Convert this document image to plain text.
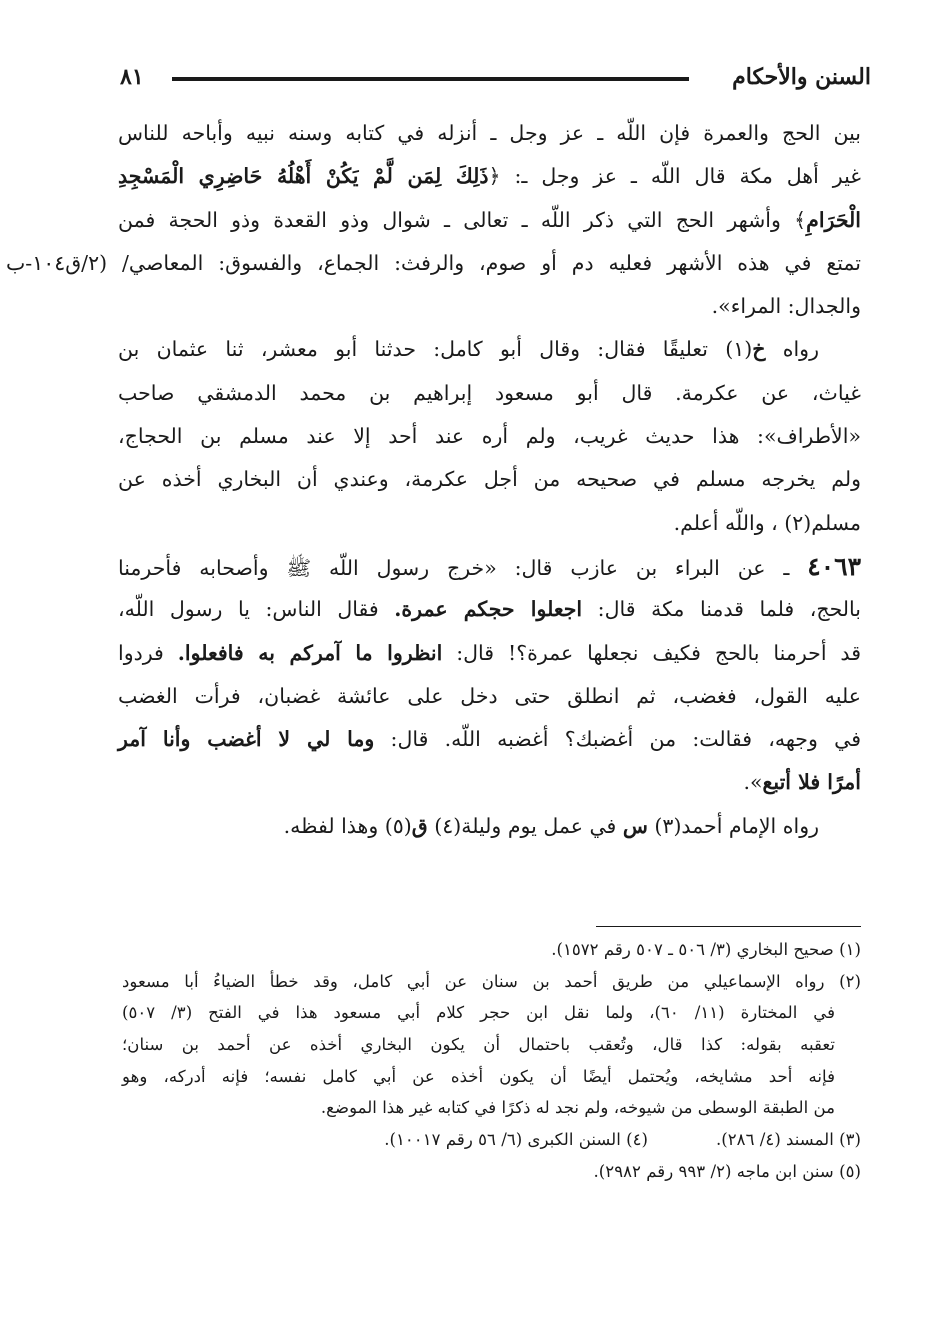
السنن والأحكام
٨١
بين الحج والعمرة فإن اللّه ـ عز وجل ـ أنزله في كتابه وسنه نبيه وأباحه للناس
غير أهل مكة قال اللّه ـ عز وجل ـ: ﴿ذَلِكَ لِمَن لَّمْ يَكُنْ أَهْلُهُ حَاضِرِي الْمَسْجِدِ
الْحَرَامِ﴾ وأشهر الحج التي ذكر اللّه ـ تعالى ـ شوال وذو القعدة وذو الحجة فمن
تمتع في هذه الأشهر فعليه دم أو صوم، والرفث: الجماع، والفسوق: المعاصي/ (٢/ق١٠٤-ب
والجدال: المراء».
رواه خ(١) تعليقًا فقال: وقال أبو كامل: حدثنا أبو معشر، ثنا عثمان بن
غياث، عن عكرمة. قال أبو مسعود إبراهيم بن محمد الدمشقي صاحب
«الأطراف»: هذا حديث غريب، ولم أره عند أحد إلا عند مسلم بن الحجاج،
ولم يخرجه مسلم في صحيحه من أجل عكرمة، وعندي أن البخاري أخذه عن
مسلم(٢) ، واللّه أعلم.
٤٠٦٣ ـ عن البراء بن عازب قال: «خرج رسول اللّه ﷺ وأصحابه فأحرمنا
بالحج، فلما قدمنا مكة قال: اجعلوا حجكم عمرة. فقال الناس: يا رسول اللّه،
قد أحرمنا بالحج فكيف نجعلها عمرة؟! قال: انظروا ما آمركم به فافعلوا. فردوا
عليه القول، فغضب، ثم انطلق حتى دخل على عائشة غضبان، فرأت الغضب
في وجهه، فقالت: من أغضبك؟ أغضبه اللّه. قال: وما لي لا أغضب وأنا آمر
أمرًا فلا أتبع».
رواه الإمام أحمد(٣) س في عمل يوم وليلة(٤) ق(٥) وهذا لفظه.
(١) صحيح البخاري (٣/ ٥٠٦ ـ ٥٠٧ رقم ١٥٧٢).
(٢) رواه الإسماعيلي من طريق أحمد بن سنان عن أبي كامل، وقد خطأ الضياءُ أبا مسعود
في المختارة (١١/ ٦٠)، ولما نقل ابن حجر كلام أبي مسعود هذا في الفتح (٣/ ٥٠٧)
تعقبه بقوله: كذا قال، وتُعقب باحتمال أن يكون البخاري أخذه عن أحمد بن سنان؛
فإنه أحد مشايخه، ويُحتمل أيضًا أن يكون أخذه عن أبي كامل نفسه؛ فإنه أدركه، وهو
من الطبقة الوسطى من شيوخه، ولم نجد له ذكرًا في كتابه غير هذا الموضع.
(٣) المسند (٤/ ٢٨٦).
(٤) السنن الكبرى (٦/ ٥٦ رقم ١٠٠١٧).
(٥) سنن ابن ماجه (٢/ ٩٩٣ رقم ٢٩٨٢).
